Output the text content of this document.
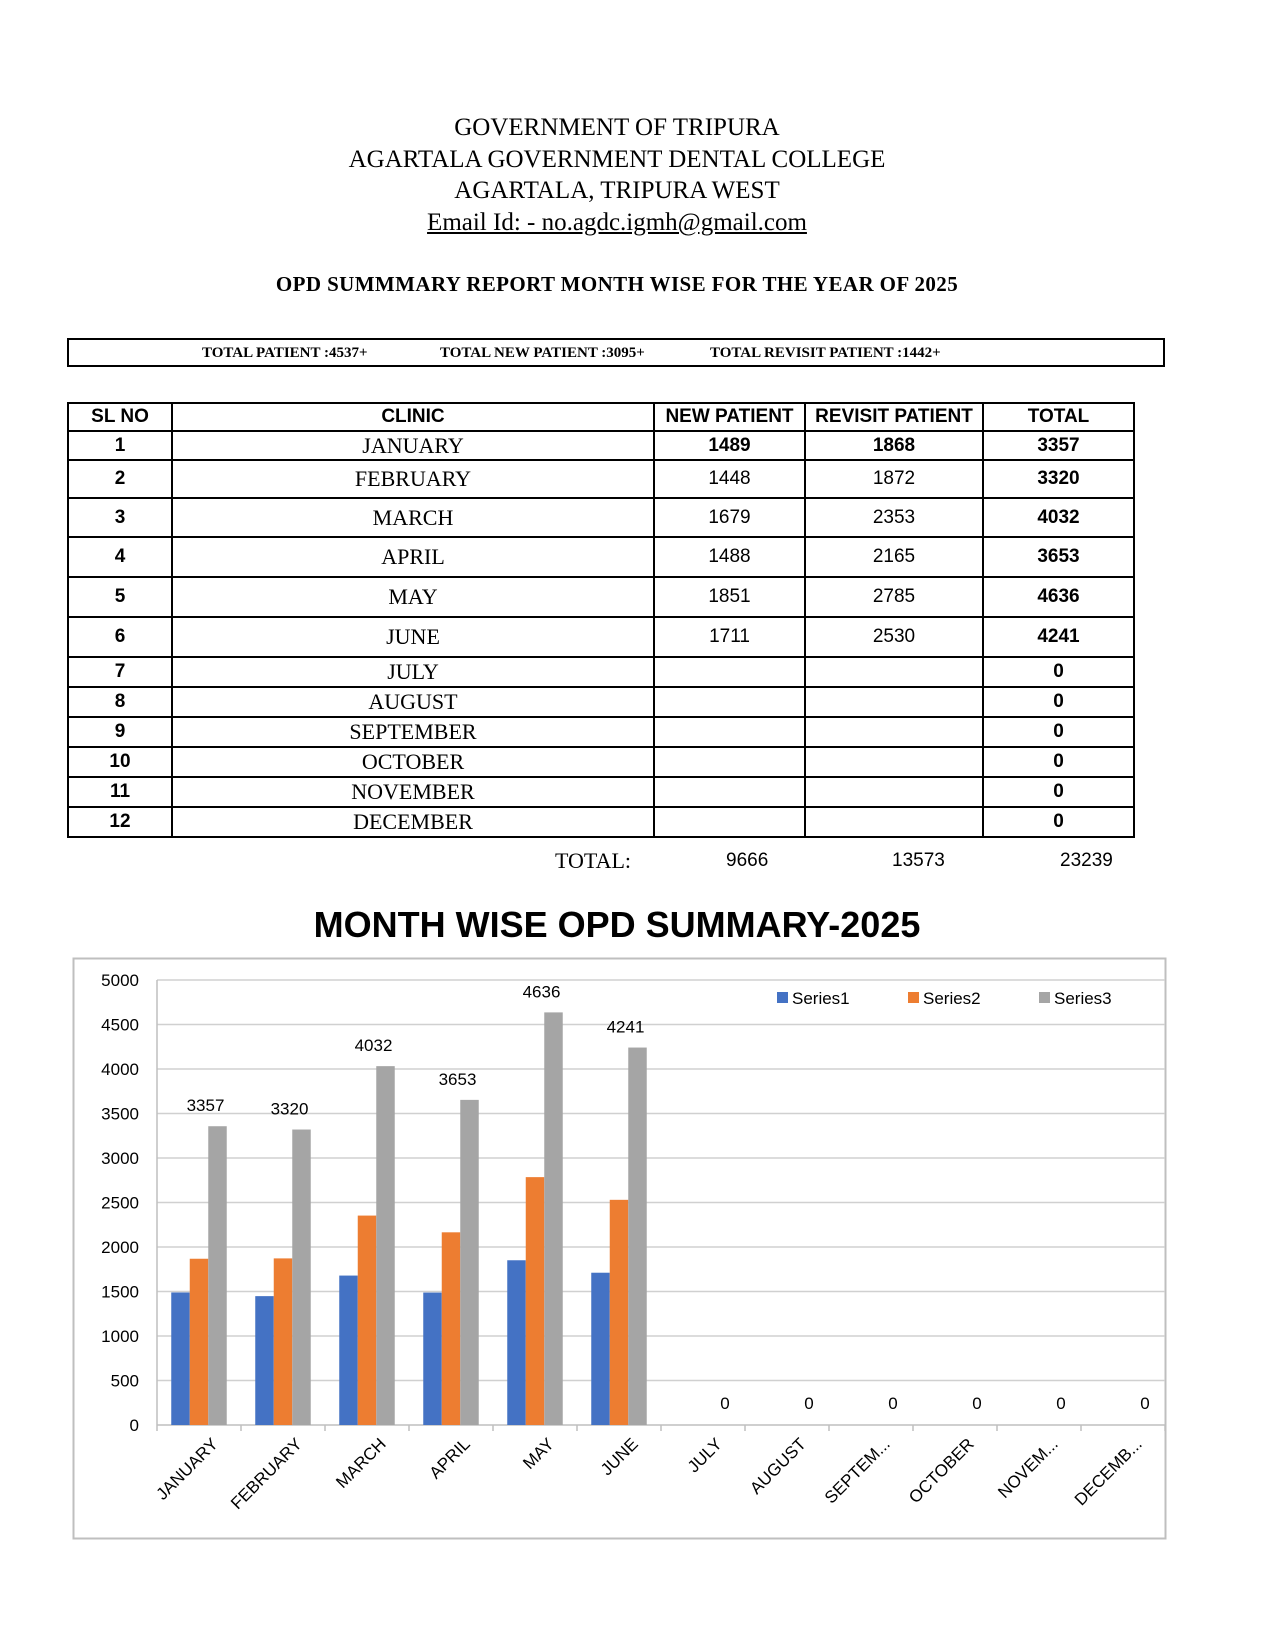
GOVERNMENT OF TRIPURA
AGARTALA GOVERNMENT DENTAL COLLEGE
AGARTALA, TRIPURA WEST
Email Id: - no.agdc.igmh@gmail.com
OPD SUMMMARY REPORT MONTH WISE FOR THE YEAR OF 2025
TOTAL PATIENT :4537+	TOTAL NEW PATIENT :3095+	TOTAL REVISIT PATIENT :1442+
SL NO	CLINIC	NEW PATIENT	REVISIT PATIENT	TOTAL
1	JANUARY	1489	1868	3357
2	FEBRUARY	1448	1872	3320
3	MARCH	1679	2353	4032
4	APRIL	1488	2165	3653
5	MAY	1851	2785	4636
6	JUNE	1711	2530	4241
7	JULY			0
8	AUGUST			0
9	SEPTEMBER			0
10	OCTOBER			0
11	NOVEMBER			0
12	DECEMBER			0
TOTAL:	9666	13573	23239
MONTH WISE OPD SUMMARY-2025
0
500
1000
1500
2000
2500
3000
3500
4000
4500
5000
3357	3320
4032
3653
4636
4241
0	0	0	0	0	0
JANUARY FEBRUARY MARCH APRIL	MAY JUNE JULY AUGUST SEPTEM... OCTOBER NOVEM... DECEMB...
Series1	Series2	Series3
